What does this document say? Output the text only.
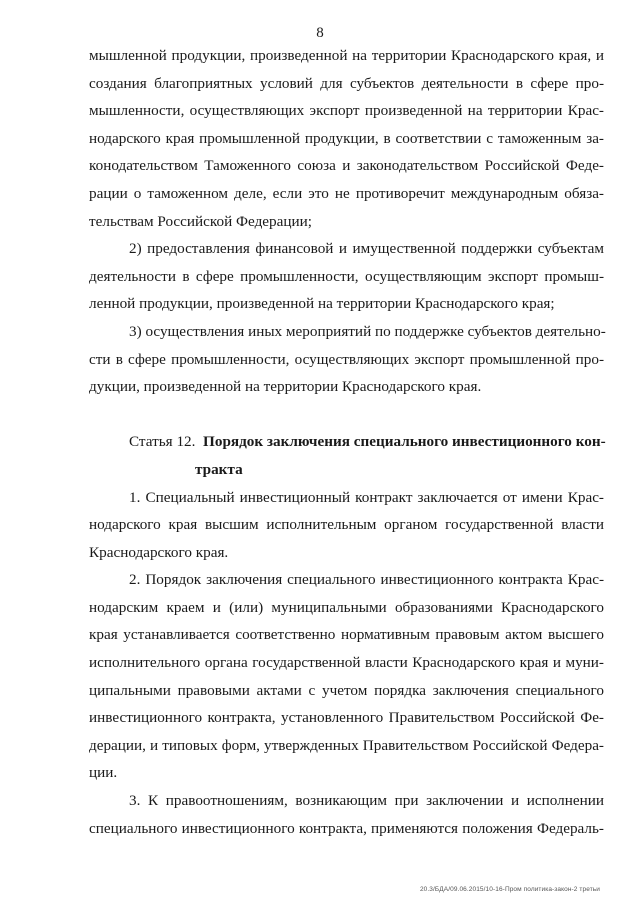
8
мышленной продукции, произведенной на территории Краснодарского края, и
создания благоприятных условий для субъектов деятельности в сфере про-
мышленности, осуществляющих экспорт произведенной на территории Крас-
нодарского края промышленной продукции, в соответствии с таможенным за-
конодательством Таможенного союза и законодательством Российской Феде-
рации о таможенном деле, если это не противоречит международным обяза-
тельствам Российской Федерации;
2) предоставления финансовой и имущественной поддержки субъектам
деятельности в сфере промышленности, осуществляющим экспорт промыш-
ленной продукции, произведенной на территории Краснодарского края;
3) осуществления иных мероприятий по поддержке субъектов деятельно-
сти в сфере промышленности, осуществляющих экспорт промышленной про-
дукции, произведенной на территории Краснодарского края.
Статья 12. Порядок заключения специального инвестиционного кон-
тракта
1. Специальный инвестиционный контракт заключается от имени Крас-
нодарского края высшим исполнительным органом государственной власти
Краснодарского края.
2. Порядок заключения специального инвестиционного контракта Крас-
нодарским краем и (или) муниципальными образованиями Краснодарского
края устанавливается соответственно нормативным правовым актом высшего
исполнительного органа государственной власти Краснодарского края и муни-
ципальными правовыми актами с учетом порядка заключения специального
инвестиционного контракта, установленного Правительством Российской Фе-
дерации, и типовых форм, утвержденных Правительством Российской Федера-
ции.
3. К правоотношениям, возникающим при заключении и исполнении
специального инвестиционного контракта, применяются положения Федераль-
20.3/БДА/09.06.2015/10-16-Пром политика-закон-2 третьи
